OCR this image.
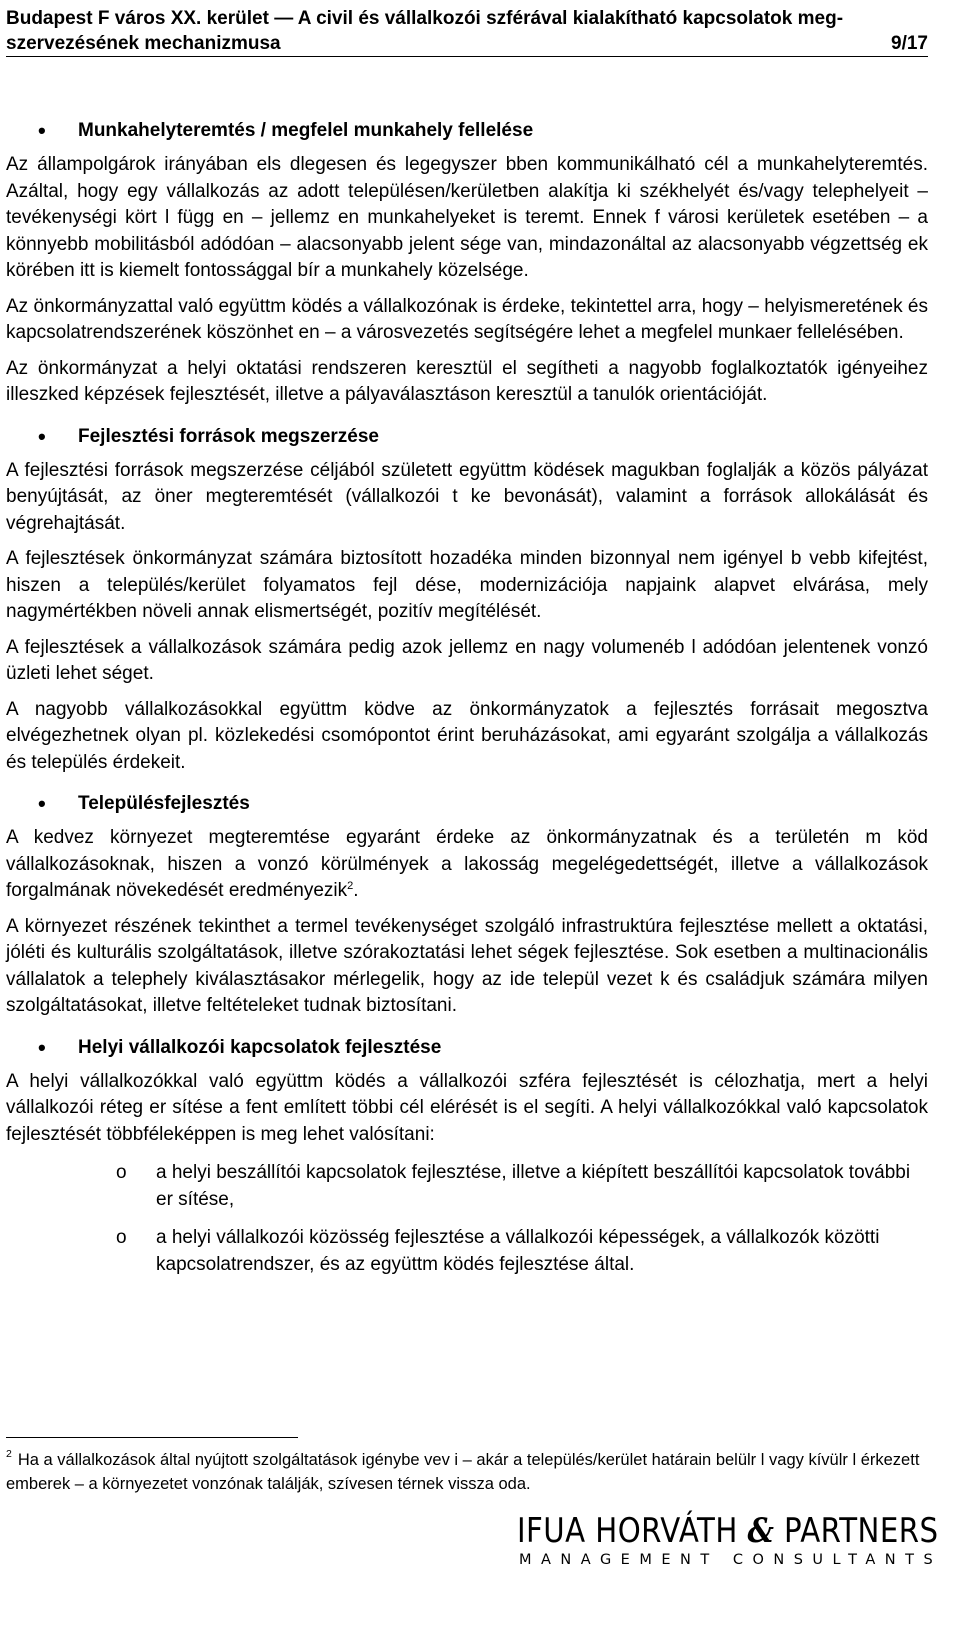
Budapest F város XX. kerület — A civil és vállalkozói szférával kialakítható kapcsolatok meg-
szervezésének mechanizmusa	9/17
• Munkahelyteremtés / megfelel munkahely fellelése

Az állampolgárok irányában els dlegesen és legegyszer bben kommunikálható cél a munkahelyteremtés. Azáltal, hogy egy vállalkozás az adott településen/kerületben alakítja ki székhelyét és/vagy telephelyeit – tevékenységi kört l függ en – jellemz en munkahelyeket is teremt. Ennek f városi kerületek esetében – a könnyebb mobilitásból adódóan – alacsonyabb jelent sége van, mindazonáltal az alacsonyabb végzettség ek körében itt is kiemelt fontossággal bír a munkahely közelsége.

Az önkormányzattal való együttm ködés a vállalkozónak is érdeke, tekintettel arra, hogy – helyismeretének és kapcsolatrendszerének köszönhet en – a városvezetés segítségére lehet a megfelel munkaer fellelésében.

Az önkormányzat a helyi oktatási rendszeren keresztül el segítheti a nagyobb foglalkoztatók igényeihez illeszked képzések fejlesztését, illetve a pályaválasztáson keresztül a tanulók orientációját.

• Fejlesztési források megszerzése

A fejlesztési források megszerzése céljából született együttm ködések magukban foglalják a közös pályázat benyújtását, az öner megteremtését (vállalkozói t ke bevonását), valamint a források allokálását és végrehajtását.

A fejlesztések önkormányzat számára biztosított hozadéka minden bizonnyal nem igényel b vebb kifejtést, hiszen a település/kerület folyamatos fejl dése, modernizációja napjaink alapvet elvárása, mely nagymértékben növeli annak elismertségét, pozitív megítélését.

A fejlesztések a vállalkozások számára pedig azok jellemz en nagy volumenéb l adódóan jelentenek vonzó üzleti lehet séget.

A nagyobb vállalkozásokkal együttm ködve az önkormányzatok a fejlesztés forrásait megosztva elvégezhetnek olyan pl. közlekedési csomópontot érint beruházásokat, ami egyaránt szolgálja a vállalkozás és település érdekeit.

• Településfejlesztés

A kedvez környezet megteremtése egyaránt érdeke az önkormányzatnak és a területén m köd vállalkozásoknak, hiszen a vonzó körülmények a lakosság megelégedettségét, illetve a vállalkozások forgalmának növekedését eredményezik$^2$.

A környezet részének tekinthet a termel tevékenységet szolgáló infrastruktúra fejlesztése mellett a oktatási, jóléti és kulturális szolgáltatások, illetve szórakoztatási lehet ségek fejlesztése. Sok esetben a multinacionális vállalatok a telephely kiválasztásakor mérlegelik, hogy az ide települ vezet k és családjuk számára milyen szolgáltatásokat, illetve feltételeket tudnak biztosítani.

• Helyi vállalkozói kapcsolatok fejlesztése

A helyi vállalkozókkal való együttm ködés a vállalkozói szféra fejlesztését is célozhatja, mert a helyi vállalkozói réteg er sítése a fent említett többi cél elérését is el segíti. A helyi vállalkozókkal való kapcsolatok fejlesztését többféleképpen is meg lehet valósítani:

o a helyi beszállítói kapcsolatok fejlesztése, illetve a kiépített beszállítói kapcsolatok további er sítése,
o a helyi vállalkozói közösség fejlesztése a vállalkozói képességek, a vállalkozók közötti kapcsolatrendszer, és az együttm ködés fejlesztése által.
$^2$ Ha a vállalkozások által nyújtott szolgáltatások igénybe vev i – akár a település/kerület határain belülr l vagy kívülr l érkezett emberek – a környezetet vonzónak találják, szívesen térnek vissza oda.
IFUA HORVÁTH & PARTNERS
MANAGEMENT CONSULTANTS
